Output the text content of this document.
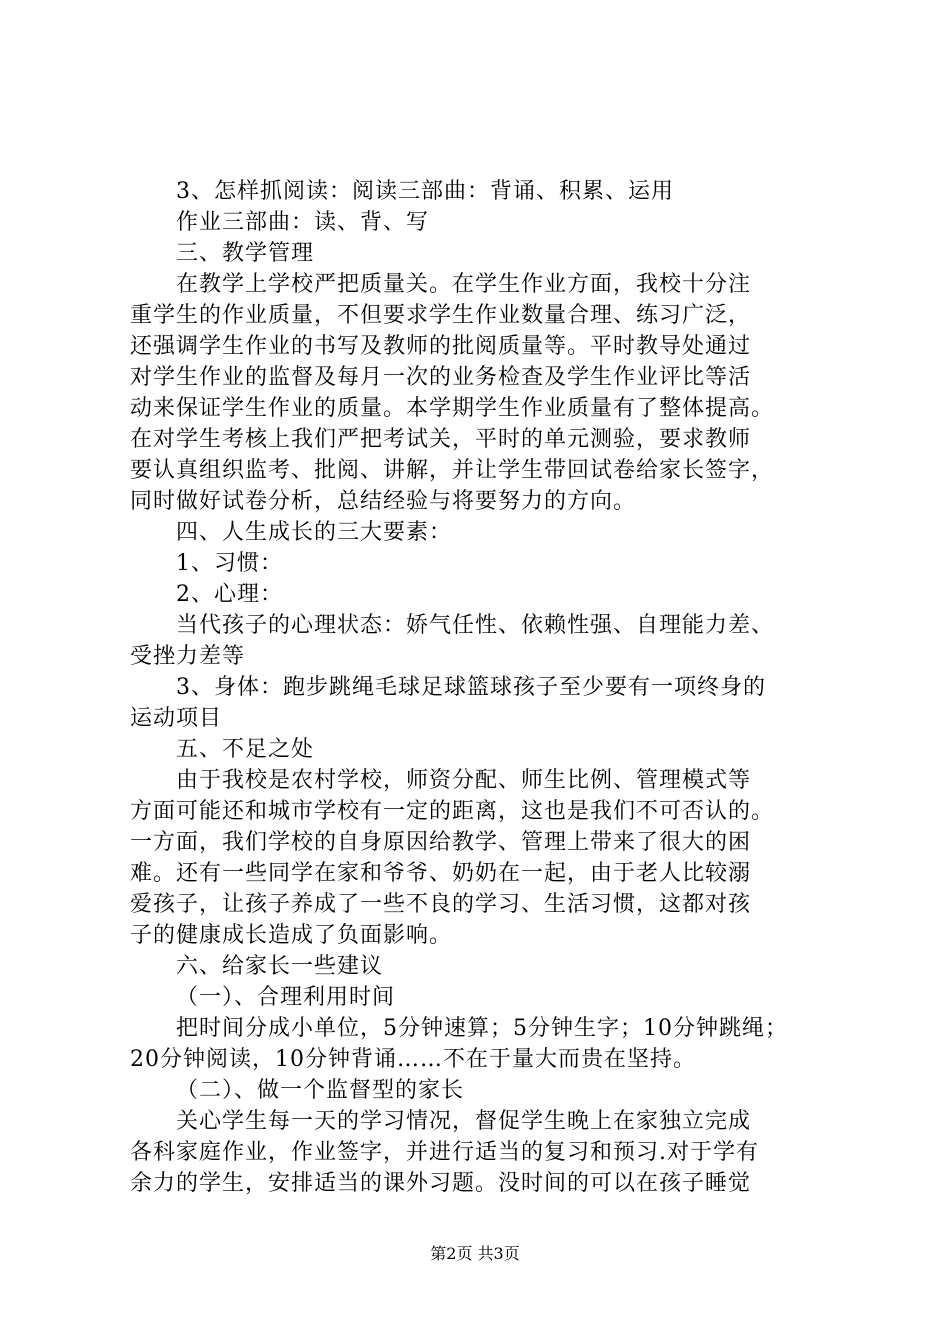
3、怎样抓阅读：阅读三部曲：背诵、积累、运用
作业三部曲：读、背、写
三、教学管理
在教学上学校严把质量关。在学生作业方面，我校十分注
重学生的作业质量，不但要求学生作业数量合理、练习广泛，
还强调学生作业的书写及教师的批阅质量等。平时教导处通过
对学生作业的监督及每月一次的业务检查及学生作业评比等活
动来保证学生作业的质量。本学期学生作业质量有了整体提高。
在对学生考核上我们严把考试关，平时的单元测验，要求教师
要认真组织监考、批阅、讲解，并让学生带回试卷给家长签字，
同时做好试卷分析，总结经验与将要努力的方向。
四、人生成长的三大要素：
1、习惯：
2、心理：
当代孩子的心理状态：娇气任性、依赖性强、自理能力差、
受挫力差等
3、身体：跑步跳绳毛球足球篮球孩子至少要有一项终身的
运动项目
五、不足之处
由于我校是农村学校，师资分配、师生比例、管理模式等
方面可能还和城市学校有一定的距离，这也是我们不可否认的。
一方面，我们学校的自身原因给教学、管理上带来了很大的困
难。还有一些同学在家和爷爷、奶奶在一起，由于老人比较溺
爱孩子，让孩子养成了一些不良的学习、生活习惯，这都对孩
子的健康成长造成了负面影响。
六、给家长一些建议
（一）、合理利用时间
把时间分成小单位，5分钟速算；5分钟生字；10分钟跳绳；
20分钟阅读，10分钟背诵……不在于量大而贵在坚持。
（二）、做一个监督型的家长
关心学生每一天的学习情况，督促学生晚上在家独立完成
各科家庭作业，作业签字，并进行适当的复习和预习.对于学有
余力的学生，安排适当的课外习题。没时间的可以在孩子睡觉
第2页 共3页
